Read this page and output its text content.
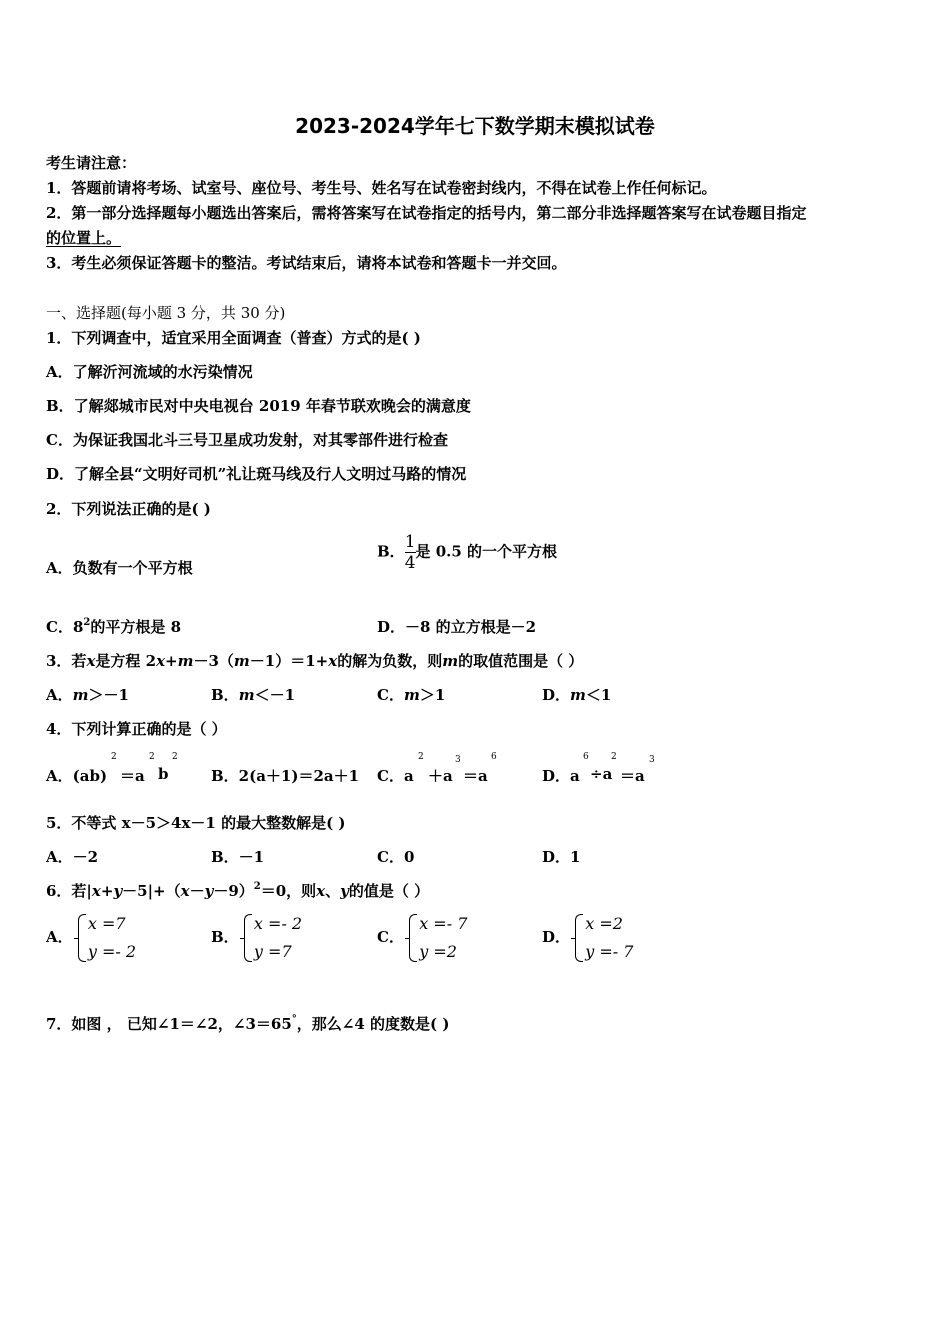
2023-2024学年七下数学期末模拟试卷
考生请注意：
1．答题前请将考场、试室号、座位号、考生号、姓名写在试卷密封线内，不得在试卷上作任何标记。
2．第一部分选择题每小题选出答案后，需将答案写在试卷指定的括号内，第二部分非选择题答案写在试卷题目指定
的位置上。
3．考生必须保证答题卡的整洁。考试结束后，请将本试卷和答题卡一并交回。
一、选择题(每小题 3 分，共 30 分)
1．下列调查中，适宜采用全面调查（普查）方式的是( )
A．了解沂河流域的水污染情况
B．了解郯城市民对中央电视台 2019 年春节联欢晚会的满意度
C．为保证我国北斗三号卫星成功发射，对其零部件进行检查
D．了解全县“文明好司机”礼让斑马线及行人文明过马路的情况
2．下列说法正确的是( )
A．负数有一个平方根
B． $\frac{1}{4}$ 是 0.5 的一个平方根
C．$8^2$的平方根是 8	D．－8 的立方根是－2
3．若x是方程 2x+m－3（m－1）＝1+x的解为负数，则m的取值范围是（ ）
A．m＞－1	B．m＜－1	C．m＞1	D．m＜1
4．下列计算正确的是（ ）
A．(ab) ＝a b
2	2 2
B．2(a＋1)＝2a＋1 C．a ＋a ＝a
2	3	6
D．a ÷a ＝a
6 2	3
5．不等式 x－5＞4x－1 的最大整数解是( )
A．－2	B．－1	C．0	D．1
6．若$|x+y-5|+(x-y-9)^2=0$，则x、y的值是（ ）
A．
x =7
y =- 2
B．
x =- 2
y =7
C．
x =- 7
y =2
D．
x =2
y =- 7
7．如图 ， 已知∠1＝∠2，∠3＝65°，那么∠4 的度数是( )
